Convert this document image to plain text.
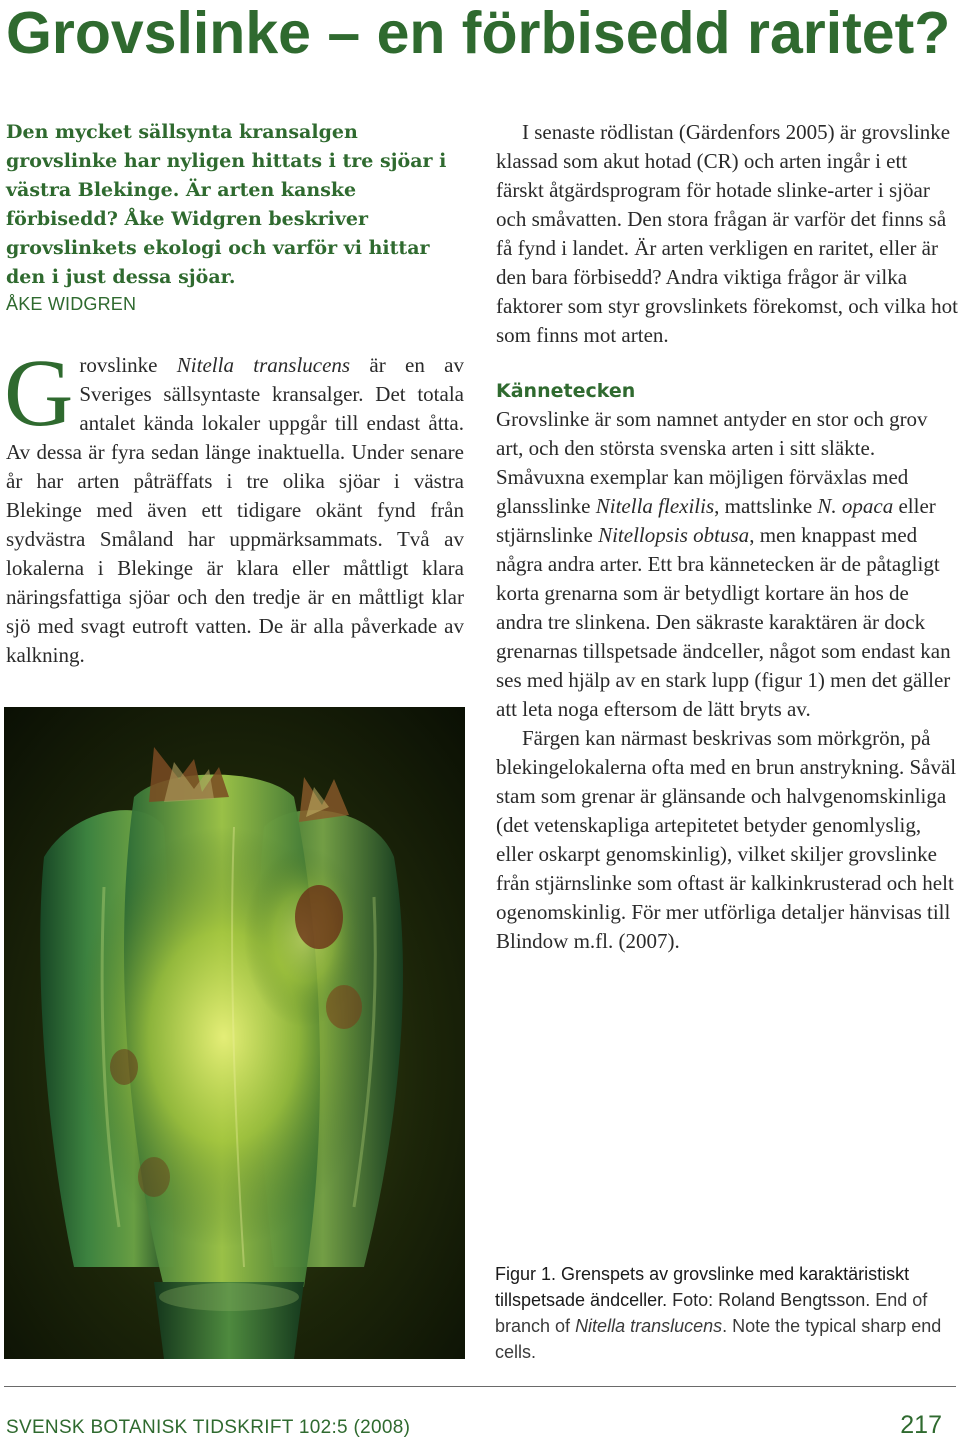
Grovslinke – en förbisedd raritet?

Den mycket sällsynta kransalgen grovslinke har nyligen hittats i tre sjöar i västra Blekinge. Är arten kanske förbisedd? Åke Widgren beskriver grovslinkets ekologi och varför vi hittar den i just dessa sjöar.

ÅKE WIDGREN

Grovslinke Nitella translucens är en av Sveriges sällsyntaste kransalger. Det totala antalet kända lokaler uppgår till endast åtta. Av dessa är fyra sedan länge inaktuella. Under senare år har arten påträffats i tre olika sjöar i västra Blekinge med även ett tidigare okänt fynd från sydvästra Småland har uppmärksammats. Två av lokalerna i Blekinge är klara eller måttligt klara näringsfattiga sjöar och den tredje är en måttligt klar sjö med svagt eutroft vatten. De är alla påverkade av kalkning.

I senaste rödlistan (Gärdenfors 2005) är grovslinke klassad som akut hotad (CR) och arten ingår i ett färskt åtgärdsprogram för hotade slinke-arter i sjöar och småvatten. Den stora frågan är varför det finns så få fynd i landet. Är arten verkligen en raritet, eller är den bara förbisedd? Andra viktiga frågor är vilka faktorer som styr grovslinkets förekomst, och vilka hot som finns mot arten.

Kännetecken

Grovslinke är som namnet antyder en stor och grov art, och den största svenska arten i sitt släkte. Småvuxna exemplar kan möjligen förväxlas med glansslinke Nitella flexilis, mattslinke N. opaca eller stjärnslinke Nitellopsis obtusa, men knappast med några andra arter. Ett bra kännetecken är de påtagligt korta grenarna som är betydligt kortare än hos de andra tre slinkena. Den säkraste karaktären är dock grenarnas tillspetsade ändceller, något som endast kan ses med hjälp av en stark lupp (figur 1) men det gäller att leta noga eftersom de lätt bryts av.

Färgen kan närmast beskrivas som mörkgrön, på blekingelokalerna ofta med en brun anstrykning. Såväl stam som grenar är glänsande och halvgenomskinliga (det vetenskapliga artepitetet betyder genomlyslig, eller oskarpt genomskinlig), vilket skiljer grovslinke från stjärnslinke som oftast är kalkinkrusterad och helt ogenomskinlig. För mer utförliga detaljer hänvisas till Blindow m.fl. (2007).

Figur 1. Grenspets av grovslinke med karaktäristiskt tillspetsade ändceller. Foto: Roland Bengtsson. End of branch of Nitella translucens. Note the typical sharp end cells.

SVENSK BOTANISK TIDSKRIFT 102:5 (2008)	217
